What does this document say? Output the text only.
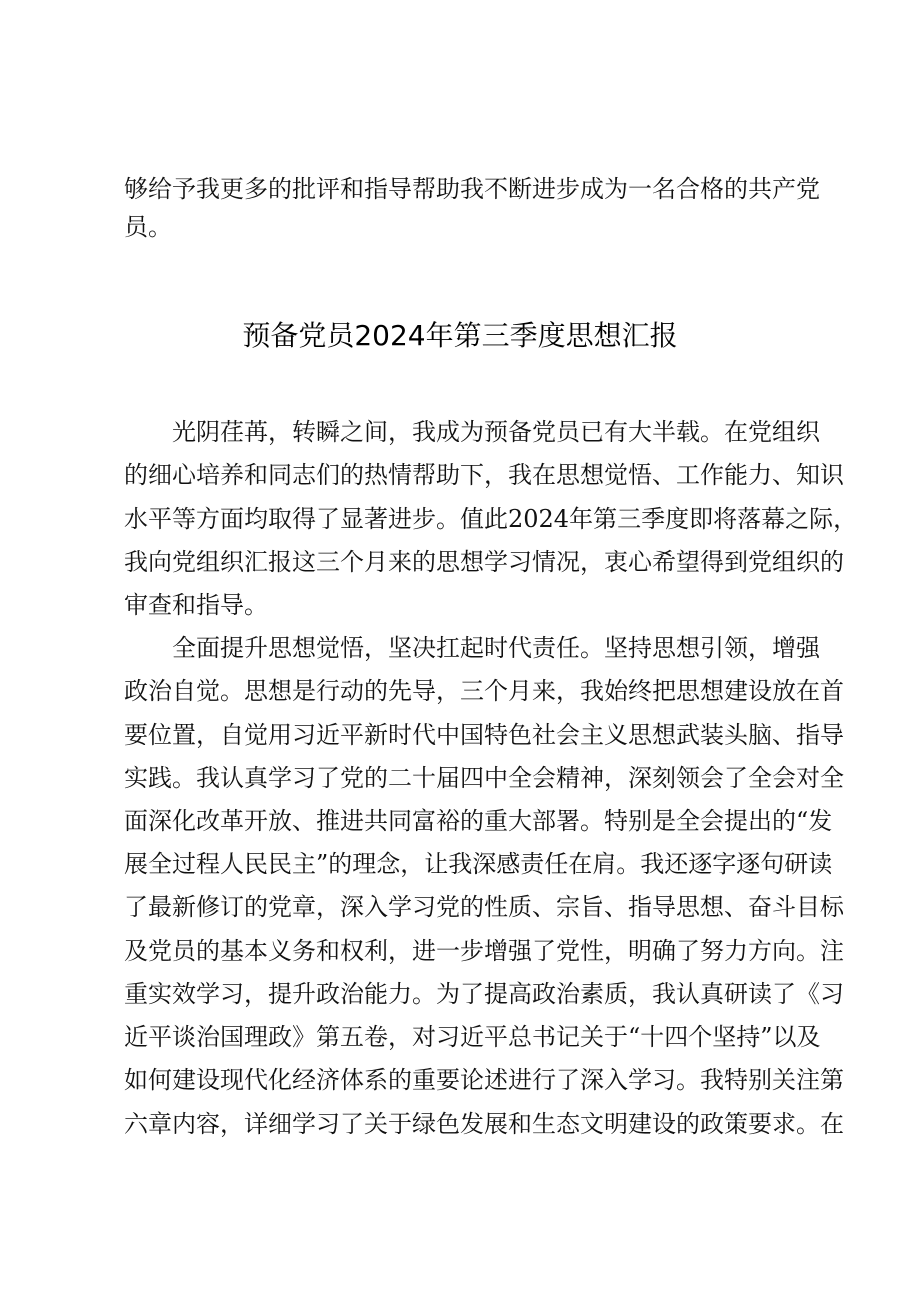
够给予我更多的批评和指导帮助我不断进步成为一名合格的共产党
员。
预备党员2024年第三季度思想汇报
　　光阴荏苒，转瞬之间，我成为预备党员已有大半载。在党组织
的细心培养和同志们的热情帮助下，我在思想觉悟、工作能力、知识
水平等方面均取得了显著进步。值此2024年第三季度即将落幕之际，
我向党组织汇报这三个月来的思想学习情况，衷心希望得到党组织的
审查和指导。
　　全面提升思想觉悟，坚决扛起时代责任。坚持思想引领，增强
政治自觉。思想是行动的先导，三个月来，我始终把思想建设放在首
要位置，自觉用习近平新时代中国特色社会主义思想武装头脑、指导
实践。我认真学习了党的二十届四中全会精神，深刻领会了全会对全
面深化改革开放、推进共同富裕的重大部署。特别是全会提出的“发
展全过程人民民主”的理念，让我深感责任在肩。我还逐字逐句研读
了最新修订的党章，深入学习党的性质、宗旨、指导思想、奋斗目标
及党员的基本义务和权利，进一步增强了党性，明确了努力方向。注
重实效学习，提升政治能力。为了提高政治素质，我认真研读了《习
近平谈治国理政》第五卷，对习近平总书记关于“十四个坚持”以及
如何建设现代化经济体系的重要论述进行了深入学习。我特别关注第
六章内容，详细学习了关于绿色发展和生态文明建设的政策要求。在
